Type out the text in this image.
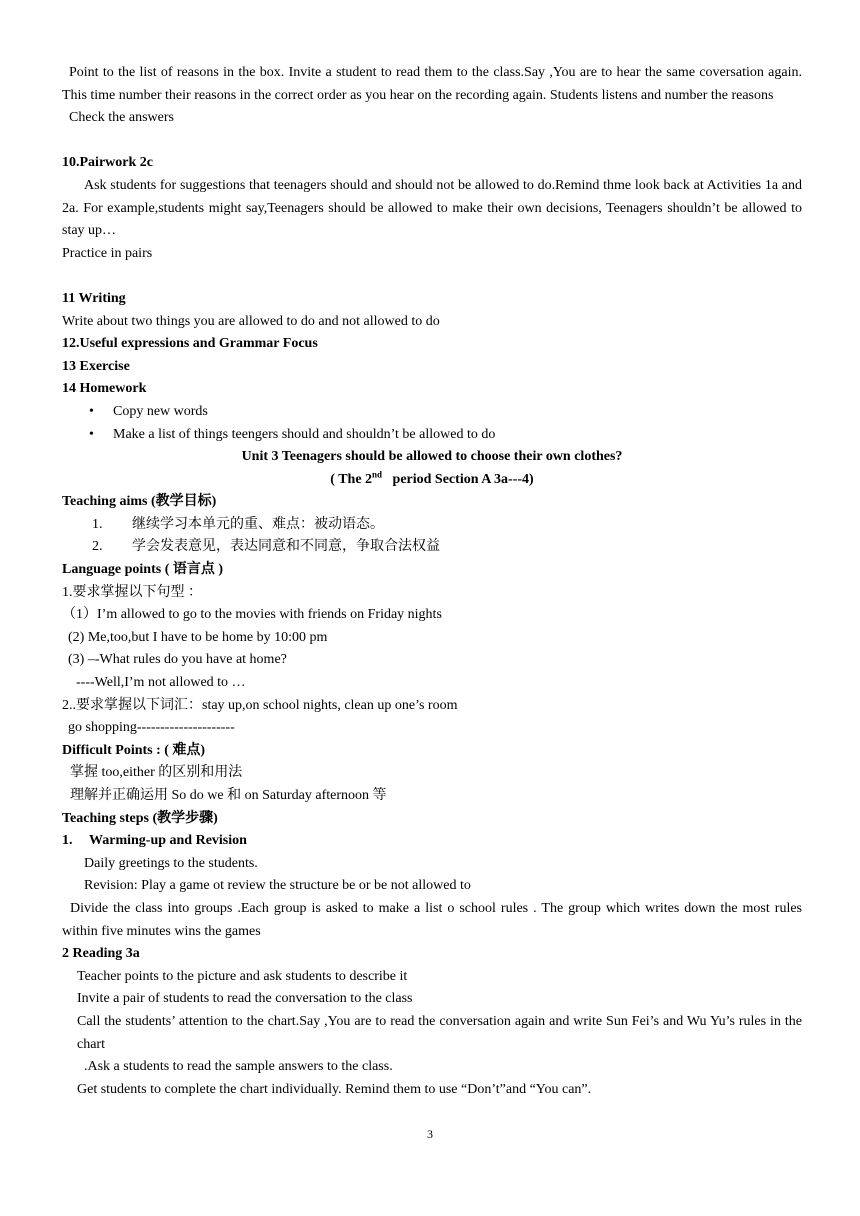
Point to the list of reasons in the box. Invite a student to read them to the class.Say ,You are to hear the same coversation again. This time number their reasons in the correct order as you hear on the recording again. Students listens and number the reasons
Check the answers
10.Pairwork 2c
Ask students for suggestions that teenagers should and should not be allowed to do.Remind thme look back at Activities 1a and 2a. For example,students might say,Teenagers should be allowed to make their own decisions, Teenagers shouldn’t be allowed to stay up…
Practice in pairs
11 Writing
Write about two things you are allowed to do and not allowed to do
12.Useful expressions and Grammar Focus
13 Exercise
14 Homework
• Copy new words
• Make a list of things teengers should and shouldn’t be allowed to do
Unit 3 Teenagers should be allowed to choose their own clothes?
( The 2nd period Section A 3a---4)
Teaching aims (教学目标)
1. 继续学习本单元的重、难点：被动语态。
2. 学会发表意见，表达同意和不同意，争取合法权益
Language points ( 语言点 )
1.要求掌握以下句型 ：
（1）I’m allowed to go to the movies with friends on Friday nights
(2) Me,too,but I have to be home by 10:00 pm
(3) –-What rules do you have at home?
----Well,I’m not allowed to …
2..要求掌握以下词汇：stay up,on school nights, clean up one’s room
go shopping---------------------
Difficult Points : ( 难点)
掌握 too,either 的区别和用法
理解并正确运用 So do we 和 on Saturday afternoon 等
Teaching steps (教学步骤)
1. Warming-up and Revision
Daily greetings to the students.
Revision: Play a game ot review the structure be or be not allowed to
Divide the class into groups .Each group is asked to make a list o school rules . The group which writes down the most rules within five minutes wins the games
2 Reading 3a
Teacher points to the picture and ask students to describe it
Invite a pair of students to read the conversation to the class
Call the students’ attention to the chart.Say ,You are to read the conversation again and write Sun Fei’s and Wu Yu’s rules in the chart
.Ask a students to read the sample answers to the class.
Get students to complete the chart individually. Remind them to use “Don’t”and “You can”.
3
